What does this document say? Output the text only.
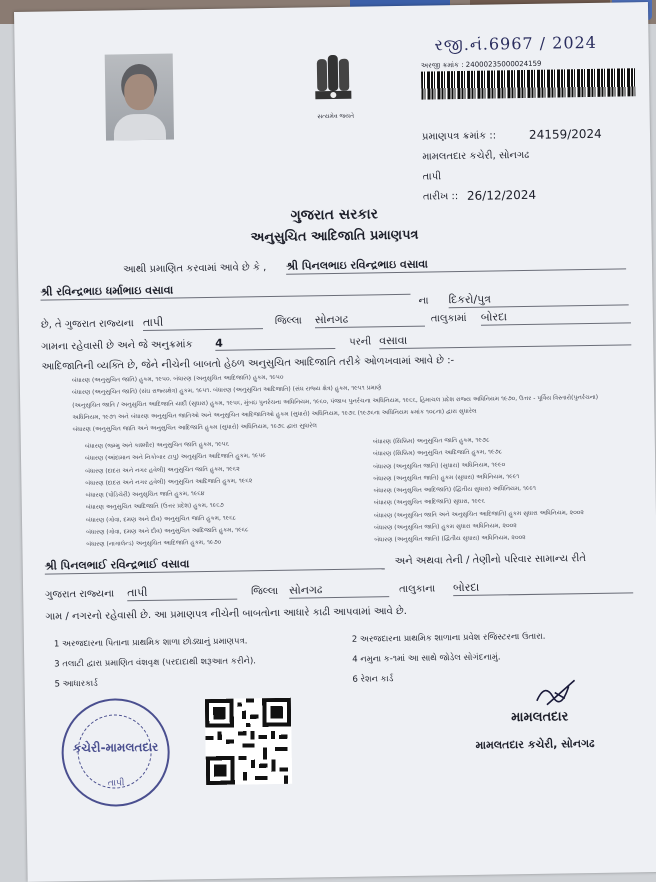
રજી.નં.6967 / 2024
સત્યમેવ જયતે
અરજી ક્રમાંક : 24000235000024159
પ્રમાણપત્ર ક્રમાંક ::	24159/2024
મામલતદાર કચેરી, સોનગઢ
તાપી
તારીખ :: 26/12/2024
ગુજરાત સરકાર
અનુસુચિત આદિજાતિ પ્રમાણપત્ર
આથી પ્રમાણિત કરવામાં આવે છે કે , શ્રી પિનલભાઇ રવિન્દ્રભાઇ વસાવા
શ્રી રવિન્દ્રભાઇ ધર્માભાઇ વસાવા
ના દિકરો/પુત્ર
છે, તે ગુજરાત રાજ્યના તાપી	જિલ્લા સોનગઢ	તાલુકામાં બોરદા
ગામના રહેવાસી છે અને જે અનુક્રમાંક 4	પરની વસાવા
આદિજાતિની વ્યક્તિ છે, જેને નીચેની બાબતો હેઠળ અનુસુચિત આદિજાતિ તરીકે ઓળખવામાં આવે છે :-
બંધારણ (અનુસુચિત જાતિ) હુકમ, ૧૯૫૦. બંધારણ (અનુસુચિત આદિજાતિ) હુકમ, ૧૯૫૦
બંધારણ (અનુસુચિત જાતિ) (સંઘ રાજ્યક્ષેત્ર) હુકમ, ૧૯૫૧. બંધારણ (અનુસુચિત આદિજાતિ) (સંઘ રાજ્ય ક્ષેત્ર) હુકમ, ૧૯૫૧ પ્રમાણે
(અનુસુચિત જાતિ / અનુસુચિત આદિજાતિ યાદી (સુધારા) હુકમ, ૧૯૫૬, મુંબઇ પુનર્રચના અધિનિયમ, ૧૯૬૦, પંજાબ પુનર્રચના અધિનિયમ, ૧૯૬૬, હિમાચલ પ્રદેશ રાજ્ય અધિનિયમ ૧૯૭૦, ઉત્તર - પૂર્વિય વિસ્તારો(પુનર્રચના)
અધિનિયમ, ૧૯૭૧ અને બંધારણ અનુસુચિત જાતિઓ અને અનુસુચિત આદિજાતિઓ હુકમ (સુધારો) અધિનિયમ, ૧૯૭૬ (૧૯૭૬ના અધિનિયમ ક્રમાંક ૧૦૮ના) દ્વારા સુધારેલ
બંધારણ (અનુસુચિત જાતિ અને અનુસુચિત આદિજાતિ હુકમ (સુધારો) અધિનિયમ, ૧૯૭૬ દ્વારા સુધારેલ
બંધારણ (જમ્મુ અને કાશ્મીર) અનુસુચિત જાતિ હુકમ, ૧૯૫૬
બંધારણ (આંદામાન અને નિકોબાર ટાપુ) અનુસુચિત આદિજાતિ હુકમ, ૧૯૫૯
બંધારણ (દાદરા અને નગર હવેલી) અનુસુચિત જાતિ હુકમ, ૧૯૬૨
બંધારણ (દાદરા અને નગર હવેલી) અનુસુચિત આદિજાતિ હુકમ, ૧૯૬૨
બંધારણ (પોંડિચેરી) અનુસુચિત જાતિ હુકમ, ૧૯૬૪
બંધારણ અનુસુચિત આદિજાતિ (ઉત્તર પ્રદેશ) હુકમ, ૧૯૬૭
બંધારણ (ગોવા, દમણ અને દીવ) અનુસુચિત જાતિ હુકમ, ૧૯૬૮
બંધારણ (ગોવા, દમણ અને દીવ) અનુસુચિત આદિજાતિ હુકમ, ૧૯૬૮
બંધારણ (નાગાલેન્ડ) અનુસુચિત આદિજાતિ હુકમ, ૧૯૭૦
બંધારણ (સિક્કિમ) અનુસુચિત જાતિ હુકમ, ૧૯૭૮
બંધારણ (સિક્કિમ) અનુસુચિત આદિજાતિ હુકમ, ૧૯૭૮
બંધારણ (અનુસુચિત જાતિ) (સુધારા) અધિનિયમ, ૧૯૯૦
બંધારણ (અનુસુચિત જાતિ) હુકમ (સુધારા) અધિનિયમ, ૧૯૯૧
બંધારણ (અનુસુચિત આદિજાતિ) (દ્વિતીય સુધારા) અધિનિયમ, ૧૯૯૧
બંધારણ (અનુસુચિત આદિજાતિ) સુધારા, ૧૯૯૬
બંધારણ (અનુસુચિત જાતિ અને અનુસુચિત આદિજાતિ) હુકમ સુધારા અધિનિયમ, ૨૦૦૨
બંધારણ (અનુસુચિત જાતિ) હુકમ સુધારા અધિનિયમ, ૨૦૦૨
બંધારણ (અનુસુચિત જાતિ) (દ્વિતીય સુધારા) અધિનિયમ, ૨૦૦૨
શ્રી પિનલભાઈ રવિન્દ્રભાઈ વસાવા	અને અથવા તેની / તેણીનો પરિવાર સામાન્ય રીતે
ગુજરાત રાજ્યના તાપી	જિલ્લા સોનગઢ	તાલુકાના બોરદા
ગામ / નગરનો રહેવાસી છે. આ પ્રમાણપત્ર નીચેની બાબતોના આધારે કાઢી આપવામાં આવે છે.
1 અરજદારના પિતાના પ્રાથમિક શાળા છોડ્યાનું પ્રમાણપત્ર.	2 અરજદારના પ્રાથમિક શાળાના પ્રવેશ રજિસ્ટરના ઉતારા.
3 તલાટી દ્વારા પ્રમાણિત વંશવૃક્ષ (પરદાદાથી શરૂઆત કરીને).	4 નમુના ક-૧માં આ સાથે જોડેલ સોગંદનામું.
5 આધારકાર્ડ	6 રેશન કાર્ડ
કચેરી-મામલતદાર
તાપી
મામલતદાર
મામલતદાર કચેરી, સોનગઢ
